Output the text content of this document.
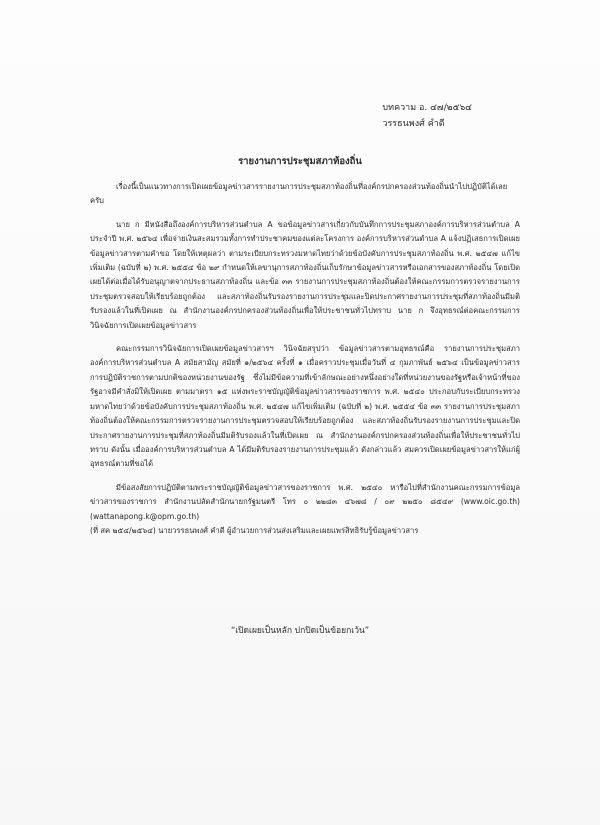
บทความ อ. ๔๗/๒๕๖๔
วรรธนพงศ์ คำดี
รายงานการประชุมสภาท้องถิ่น

เรื่องนี้เป็นแนวทางการเปิดเผยข้อมูลข่าวสารรายงานการประชุมสภาท้องถิ่นที่องค์กรปกครองส่วนท้องถิ่นนำไปปฏิบัติได้เลยครับ

นาย ก มีหนังสือถึงองค์การบริหารส่วนตำบล A ขอข้อมูลข่าวสารเกี่ยวกับบันทึกการประชุมสภาองค์การบริหารส่วนตำบล A ประจำปี พ.ศ. ๒๕๖๔ เพื่อจ่ายเงินสะสมรวมทั้งการทำประชาคมของแต่ละโครงการ องค์การบริหารส่วนตำบล A แจ้งปฏิเสธการเปิดเผยข้อมูลข่าวสารตามคำขอ โดยให้เหตุผลว่า ตามระเบียบกระทรวงมหาดไทยว่าด้วยข้อบังคับการประชุมสภาท้องถิ่น พ.ศ. ๒๕๔๗ แก้ไขเพิ่มเติม (ฉบับที่ ๒) พ.ศ. ๒๕๕๔ ข้อ ๒๙ กำหนดให้เลขานุการสภาท้องถิ่นเก็บรักษาข้อมูลข่าวสารหรือเอกสารของสภาท้องถิ่น โดยเปิดเผยได้ต่อเมื่อได้รับอนุญาตจากประธานสภาท้องถิ่น และข้อ ๓๓ รายงานการประชุมสภาท้องถิ่นต้องให้คณะกรรมการตรวจรายงานการประชุมตรวจสอบให้เรียบร้อยถูกต้อง และสภาท้องถิ่นรับรองรายงานการประชุมและปิดประกาศรายงานการประชุมที่สภาท้องถิ่นมีมติรับรองแล้วในที่เปิดเผย ณ สำนักงานองค์กรปกครองส่วนท้องถิ่นเพื่อให้ประชาชนทั่วไปทราบ นาย ก จึงอุทธรณ์ต่อคณะกรรมการวินิจฉัยการเปิดเผยข้อมูลข่าวสาร

คณะกรรมการวินิจฉัยการเปิดเผยข้อมูลข่าวสารฯ วินิจฉัยสรุปว่า ข้อมูลข่าวสารตามอุทธรณ์คือ รายงานการประชุมสภาองค์การบริหารส่วนตำบล A สมัยสามัญ สมัยที่ ๑/๒๕๖๔ ครั้งที่ ๑ เมื่อคราวประชุมเมื่อวันที่ ๔ กุมภาพันธ์ ๒๕๖๔ เป็นข้อมูลข่าวสารการปฏิบัติราชการตามปกติของหน่วยงานของรัฐ ซึ่งไม่มีข้อความที่เข้าลักษณะอย่างหนึ่งอย่างใดที่หน่วยงานของรัฐหรือเจ้าหน้าที่ของรัฐอาจมีคำสั่งมิให้เปิดเผย ตามมาตรา ๑๕ แห่งพระราชบัญญัติข้อมูลข่าวสารของราชการ พ.ศ. ๒๕๔๐ ประกอบกับระเบียบกระทรวงมหาดไทยว่าด้วยข้อบังคับการประชุมสภาท้องถิ่น พ.ศ. ๒๕๔๗ แก้ไขเพิ่มเติม (ฉบับที่ ๒) พ.ศ. ๒๕๕๔ ข้อ ๓๓ รายงานการประชุมสภาท้องถิ่นต้องให้คณะกรรมการตรวจรายงานการประชุมตรวจสอบให้เรียบร้อยถูกต้อง และสภาท้องถิ่นรับรองรายงานการประชุมและปิดประกาศรายงานการประชุมที่สภาท้องถิ่นมีมติรับรองแล้วในที่เปิดเผย ณ สำนักงานองค์กรปกครองส่วนท้องถิ่นเพื่อให้ประชาชนทั่วไปทราบ ดังนั้น เมื่อองค์การบริหารส่วนตำบล A ได้มีมติรับรองรายงานการประชุมแล้ว ดังกล่าวแล้ว สมควรเปิดเผยข้อมูลข่าวสารให้แก่ผู้อุทธรณ์ตามที่ขอได้

มีข้อสงสัยการปฏิบัติตามพระราชบัญญัติข้อมูลข่าวสารของราชการ พ.ศ. ๒๕๔๐ หารือไปที่สำนักงานคณะกรรมการข้อมูลข่าวสารของราชการ สำนักงานปลัดสำนักนายกรัฐมนตรี โทร ๐ ๒๒๘๓ ๔๖๗๘ / ๐๙ ๒๒๕๐ ๘๕๔๙ (www.oic.go.th) (wattanapong.k@opm.go.th)

(ที่ สค ๒๕๔/๒๕๖๔) นายวรรธนพงศ์ คำดี ผู้อำนวยการส่วนส่งเสริมและเผยแพร่สิทธิรับรู้ข้อมูลข่าวสาร

“เปิดเผยเป็นหลัก ปกปิดเป็นข้อยกเว้น”
